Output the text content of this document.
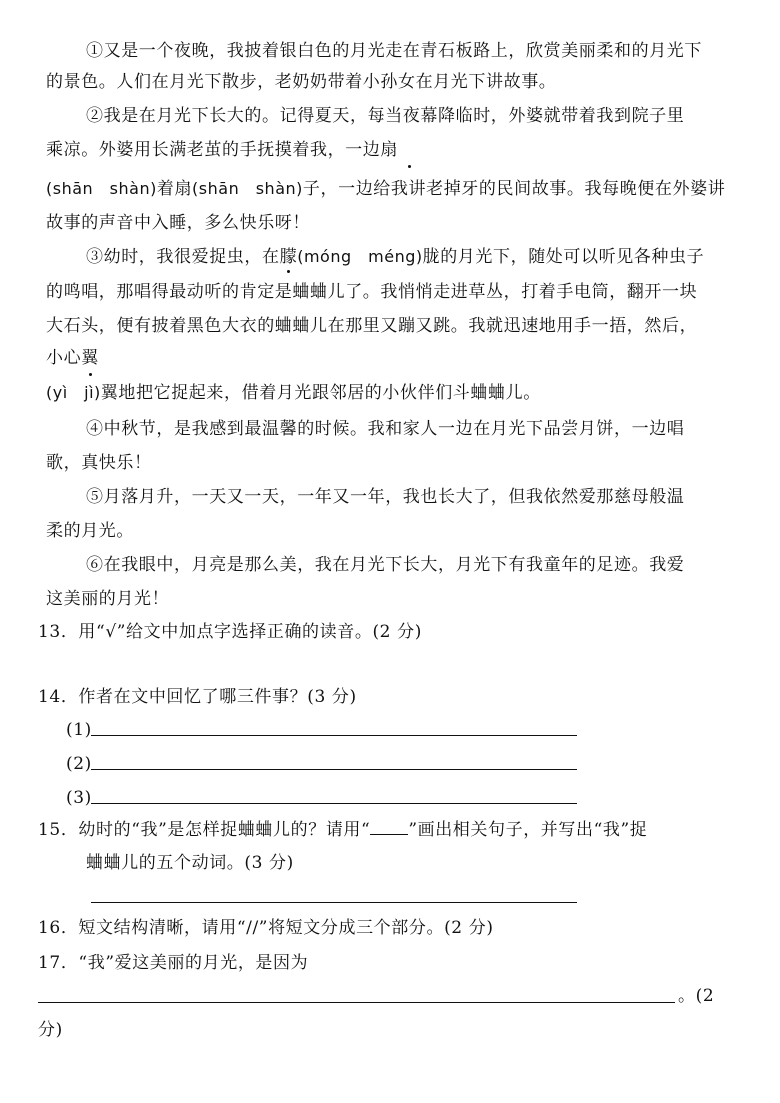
①又是一个夜晚，我披着银白色的月光走在青石板路上，欣赏美丽柔和的月光下
的景色。人们在月光下散步，老奶奶带着小孙女在月光下讲故事。
②我是在月光下长大的。记得夏天，每当夜幕降临时，外婆就带着我到院子里
乘凉。外婆用长满老茧的手抚摸着我，一边扇
(shān　shàn)着扇(shān　shàn)子，一边给我讲老掉牙的民间故事。我每晚便在外婆讲
故事的声音中入睡，多么快乐呀！
③幼时，我很爱捉虫，在朦(móng　méng)胧的月光下，随处可以听见各种虫子
的鸣唱，那唱得最动听的肯定是蛐蛐儿了。我悄悄走进草丛，打着手电筒，翻开一块
大石头，便有披着黑色大衣的蛐蛐儿在那里又蹦又跳。我就迅速地用手一捂，然后，
小心翼
(yì　jì)翼地把它捉起来，借着月光跟邻居的小伙伴们斗蛐蛐儿。
④中秋节，是我感到最温馨的时候。我和家人一边在月光下品尝月饼，一边唱
歌，真快乐！
⑤月落月升，一天又一天，一年又一年，我也长大了，但我依然爱那慈母般温
柔的月光。
⑥在我眼中，月亮是那么美，我在月光下长大，月光下有我童年的足迹。我爱
这美丽的月光！
13．用“√”给文中加点字选择正确的读音。(2 分)
14．作者在文中回忆了哪三件事？(3 分)
(1)
(2)
(3)
15．幼时的“我”是怎样捉蛐蛐儿的？请用“ ”画出相关句子，并写出“我”捉
蛐蛐儿的五个动词。(3 分)
16．短文结构清晰，请用“//”将短文分成三个部分。(2 分)
17．“我”爱这美丽的月光，是因为
。(2
分)
